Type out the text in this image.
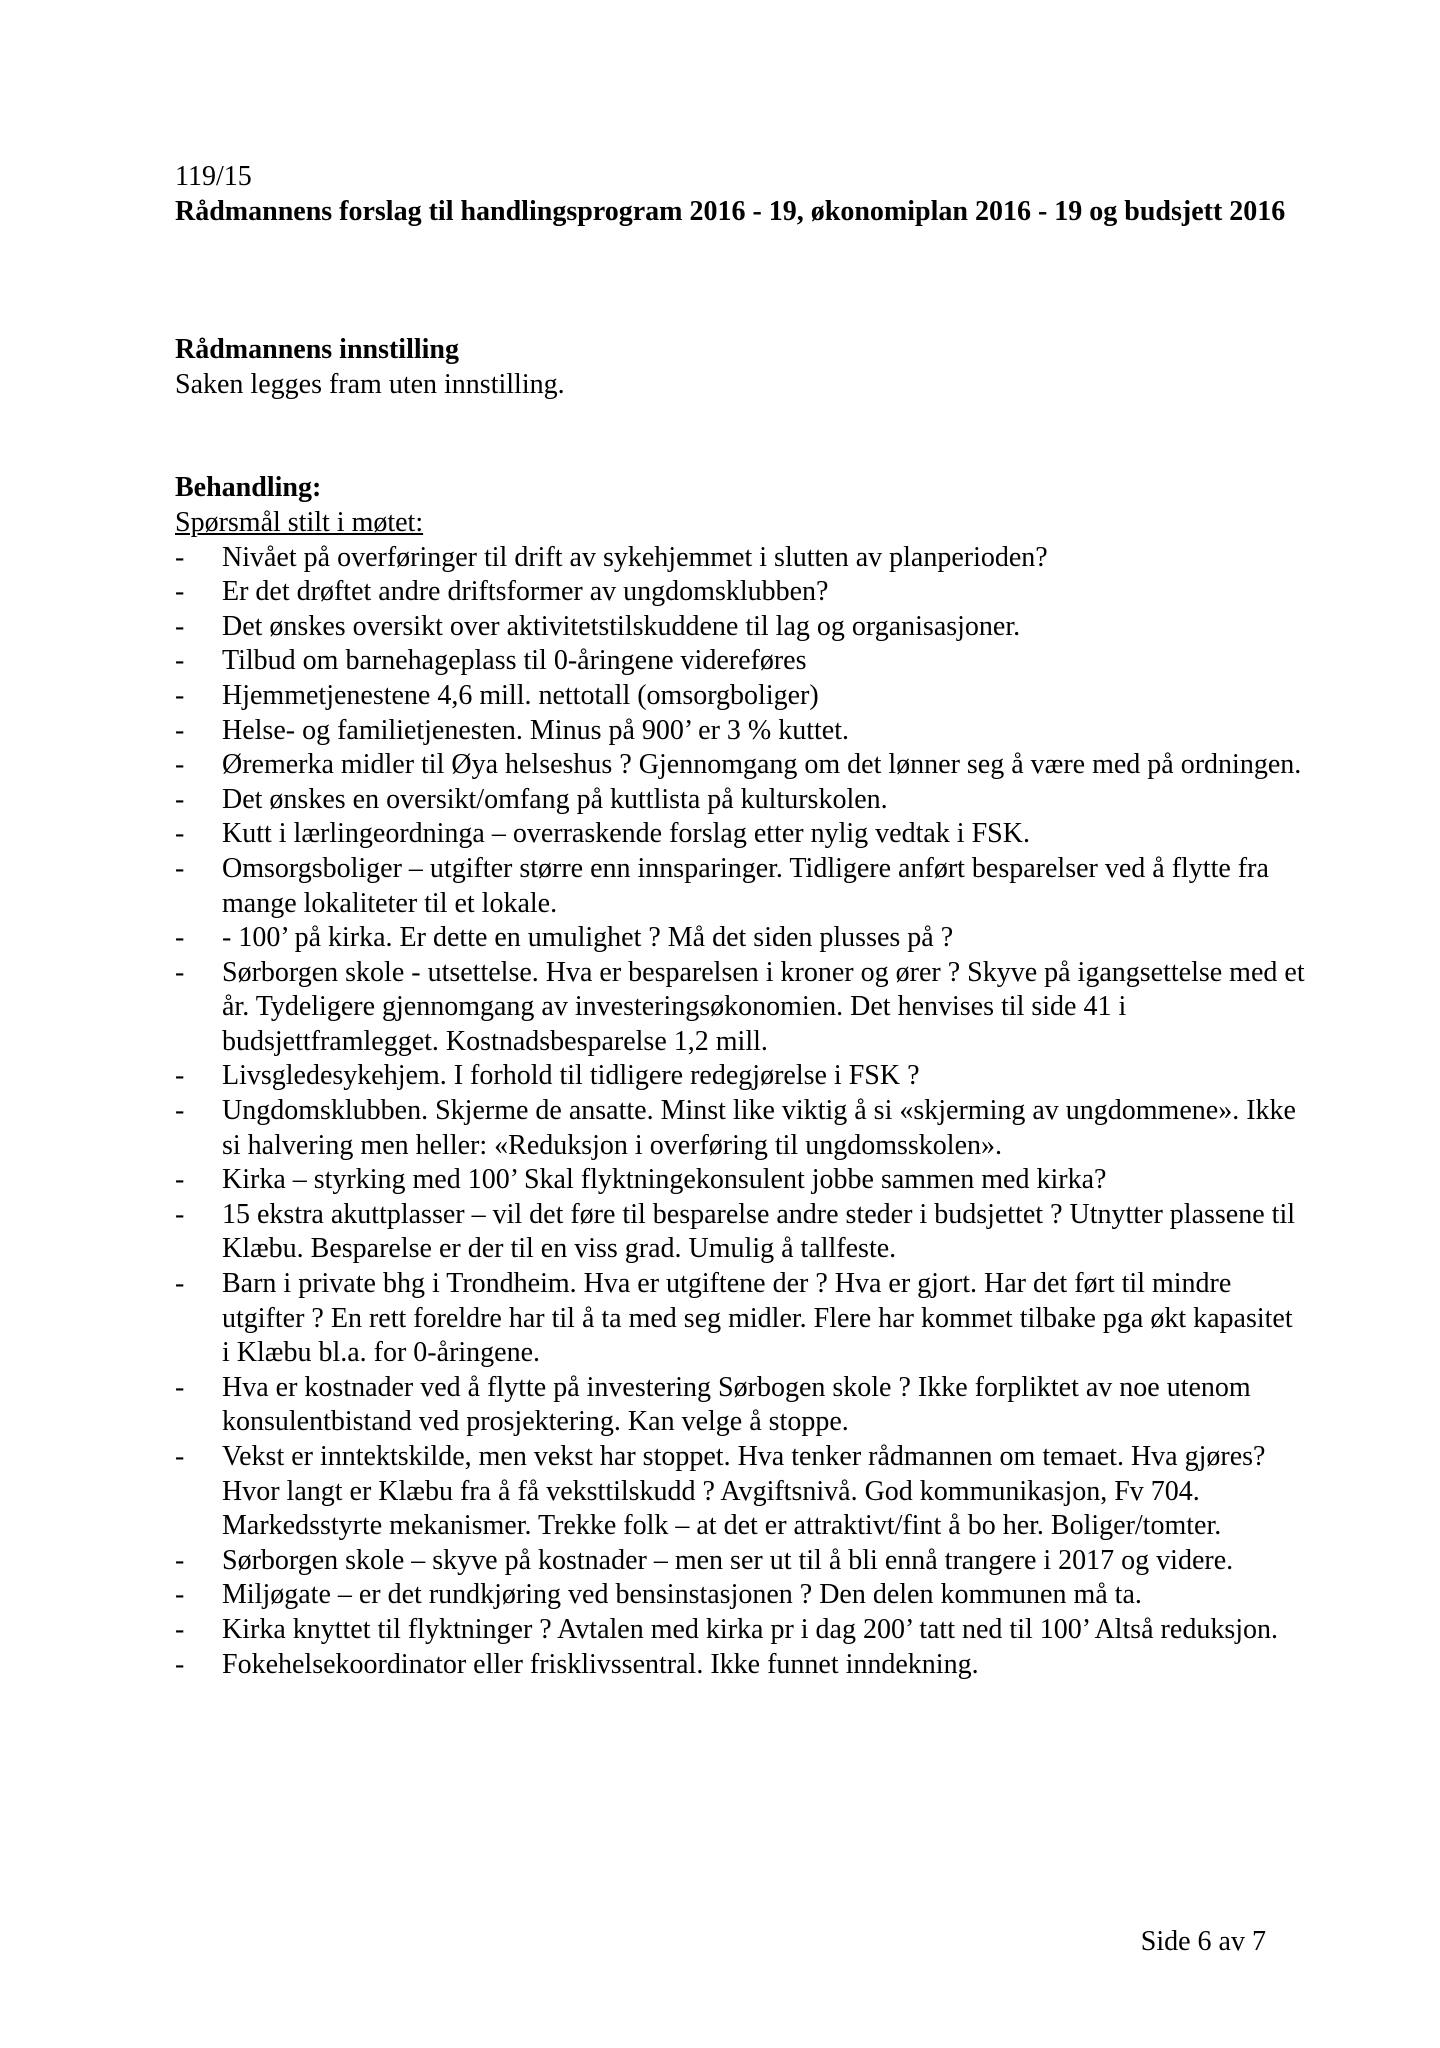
119/15

Rådmannens forslag til handlingsprogram 2016 - 19, økonomiplan 2016 - 19 og budsjett 2016

Rådmannens innstilling

Saken legges fram uten innstilling.

Behandling:

Spørsmål stilt i møtet:

- Nivået på overføringer til drift av sykehjemmet i slutten av planperioden?
- Er det drøftet andre driftsformer av ungdomsklubben?
- Det ønskes oversikt over aktivitetstilskuddene til lag og organisasjoner.
- Tilbud om barnehageplass til 0-åringene videreføres
- Hjemmetjenestene 4,6 mill. nettotall (omsorgboliger)
- Helse- og familietjenesten. Minus på 900’ er 3 % kuttet.
- Øremerka midler til Øya helseshus ? Gjennomgang om det lønner seg å være med på ordningen.
- Det ønskes en oversikt/omfang på kuttlista på kulturskolen.
- Kutt i lærlingeordninga – overraskende forslag etter nylig vedtak i FSK.
- Omsorgsboliger – utgifter større enn innsparinger. Tidligere anført besparelser ved å flytte fra mange lokaliteter til et lokale.
- - 100’ på kirka. Er dette en umulighet ? Må det siden plusses på ?
- Sørborgen skole - utsettelse. Hva er besparelsen i kroner og ører ? Skyve på igangsettelse med et år. Tydeligere gjennomgang av investeringsøkonomien. Det henvises til side 41 i budsjettframlegget. Kostnadsbesparelse 1,2 mill.
- Livsgledesykehjem. I forhold til tidligere redegjørelse i FSK ?
- Ungdomsklubben. Skjerme de ansatte. Minst like viktig å si «skjerming av ungdommene». Ikke si halvering men heller: «Reduksjon i overføring til ungdomsskolen».
- Kirka – styrking med 100’ Skal flyktningekonsulent jobbe sammen med kirka?
- 15 ekstra akuttplasser – vil det føre til besparelse andre steder i budsjettet ? Utnytter plassene til Klæbu. Besparelse er der til en viss grad. Umulig å tallfeste.
- Barn i private bhg i Trondheim. Hva er utgiftene der ? Hva er gjort. Har det ført til mindre utgifter ? En rett foreldre har til å ta med seg midler. Flere har kommet tilbake pga økt kapasitet i Klæbu bl.a. for 0-åringene.
- Hva er kostnader ved å flytte på investering Sørbogen skole ? Ikke forpliktet av noe utenom konsulentbistand ved prosjektering. Kan velge å stoppe.
- Vekst er inntektskilde, men vekst har stoppet. Hva tenker rådmannen om temaet. Hva gjøres? Hvor langt er Klæbu fra å få veksttilskudd ? Avgiftsnivå. God kommunikasjon, Fv 704. Markedsstyrte mekanismer. Trekke folk – at det er attraktivt/fint å bo her. Boliger/tomter.
- Sørborgen skole – skyve på kostnader – men ser ut til å bli ennå trangere i 2017 og videre.
- Miljøgate – er det rundkjøring ved bensinstasjonen ? Den delen kommunen må ta.
- Kirka knyttet til flyktninger ? Avtalen med kirka pr i dag 200’ tatt ned til 100’ Altså reduksjon.
- Fokehelsekoordinator eller frisklivssentral. Ikke funnet inndekning.
Side 6 av 7
